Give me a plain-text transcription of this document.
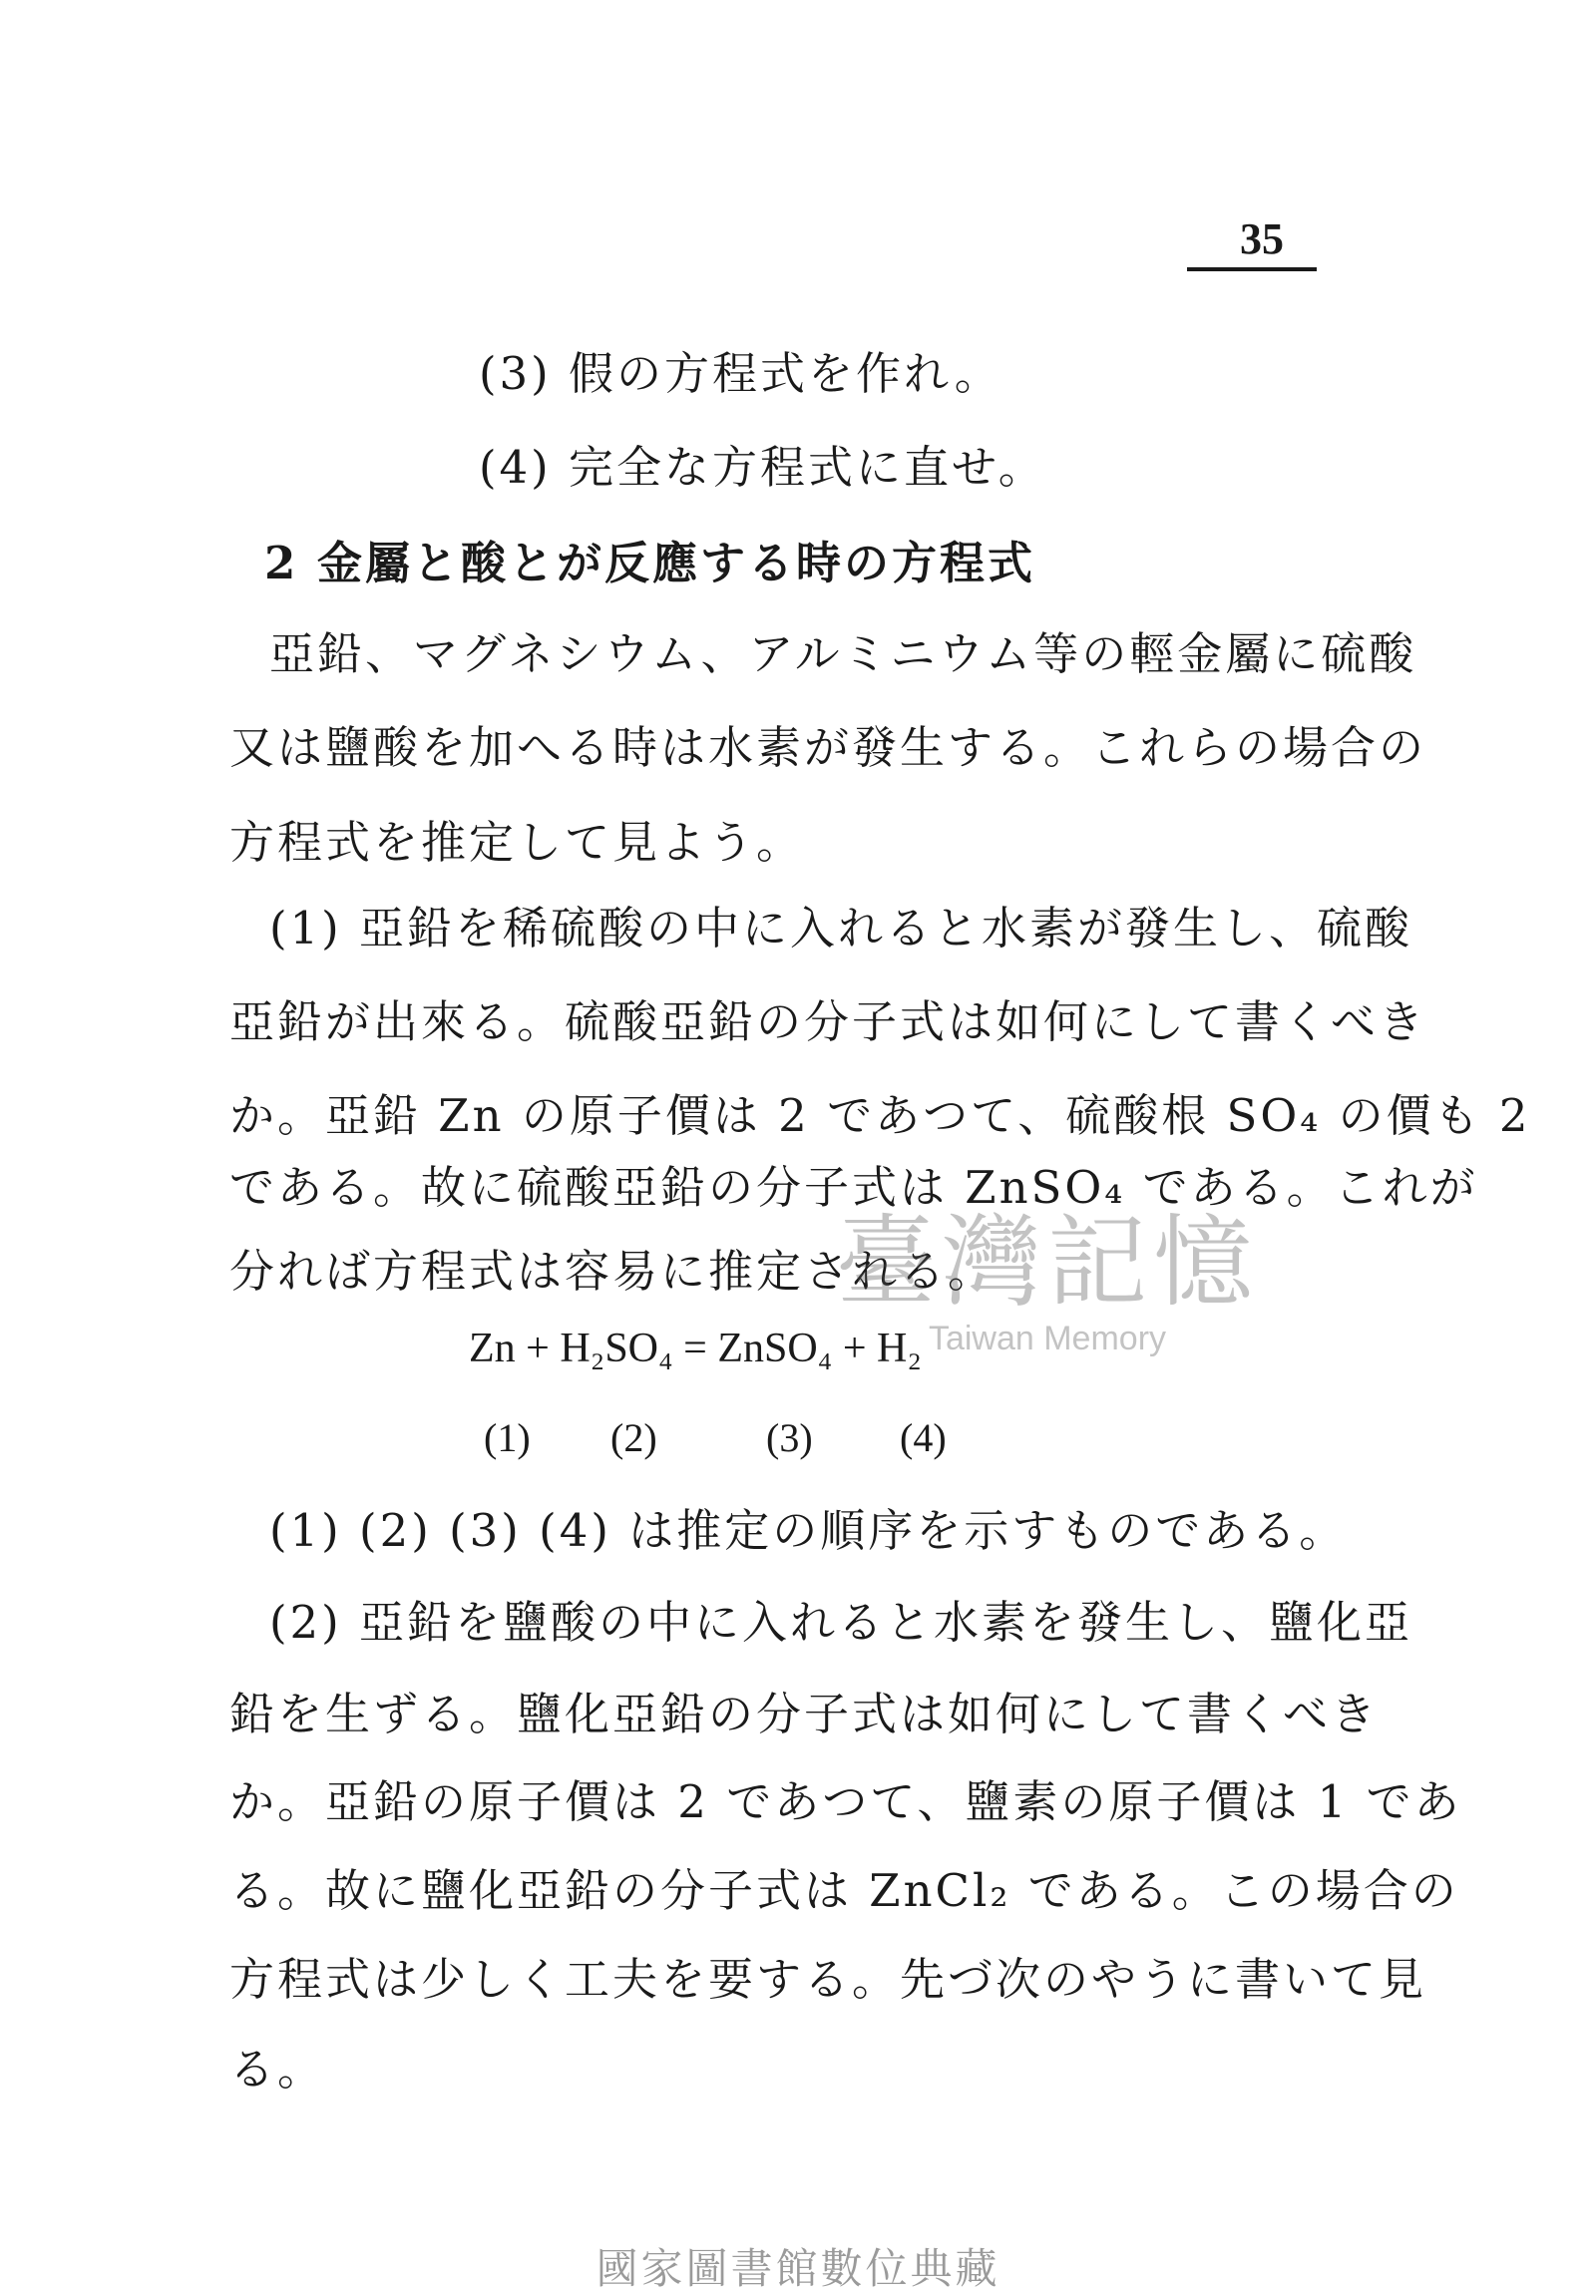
35
(3) 假の方程式を作れ。
(4) 完全な方程式に直せ。
2 金屬と酸とが反應する時の方程式
亞鉛、マグネシウム、アルミニウム等の輕金屬に硫酸
又は鹽酸を加へる時は水素が發生する。これらの場合の
方程式を推定して見よう。
(1) 亞鉛を稀硫酸の中に入れると水素が發生し、硫酸
亞鉛が出來る。硫酸亞鉛の分子式は如何にして書くべき
か。亞鉛 Zn の原子價は 2 であつて、硫酸根 SO₄ の價も 2
である。故に硫酸亞鉛の分子式は ZnSO₄ である。これが
分れば方程式は容易に推定される。
Zn + H₂SO₄ = ZnSO₄ + H₂
(1) (2)	(3) (4)
(1) (2) (3) (4) は推定の順序を示すものである。
(2) 亞鉛を鹽酸の中に入れると水素を發生し、鹽化亞
鉛を生ずる。鹽化亞鉛の分子式は如何にして書くべき
か。亞鉛の原子價は 2 であつて、鹽素の原子價は 1 であ
る。故に鹽化亞鉛の分子式は ZnCl₂ である。この場合の
方程式は少しく工夫を要する。先づ次のやうに書いて見
る。
臺灣記憶
Taiwan Memory
國家圖書館數位典藏
